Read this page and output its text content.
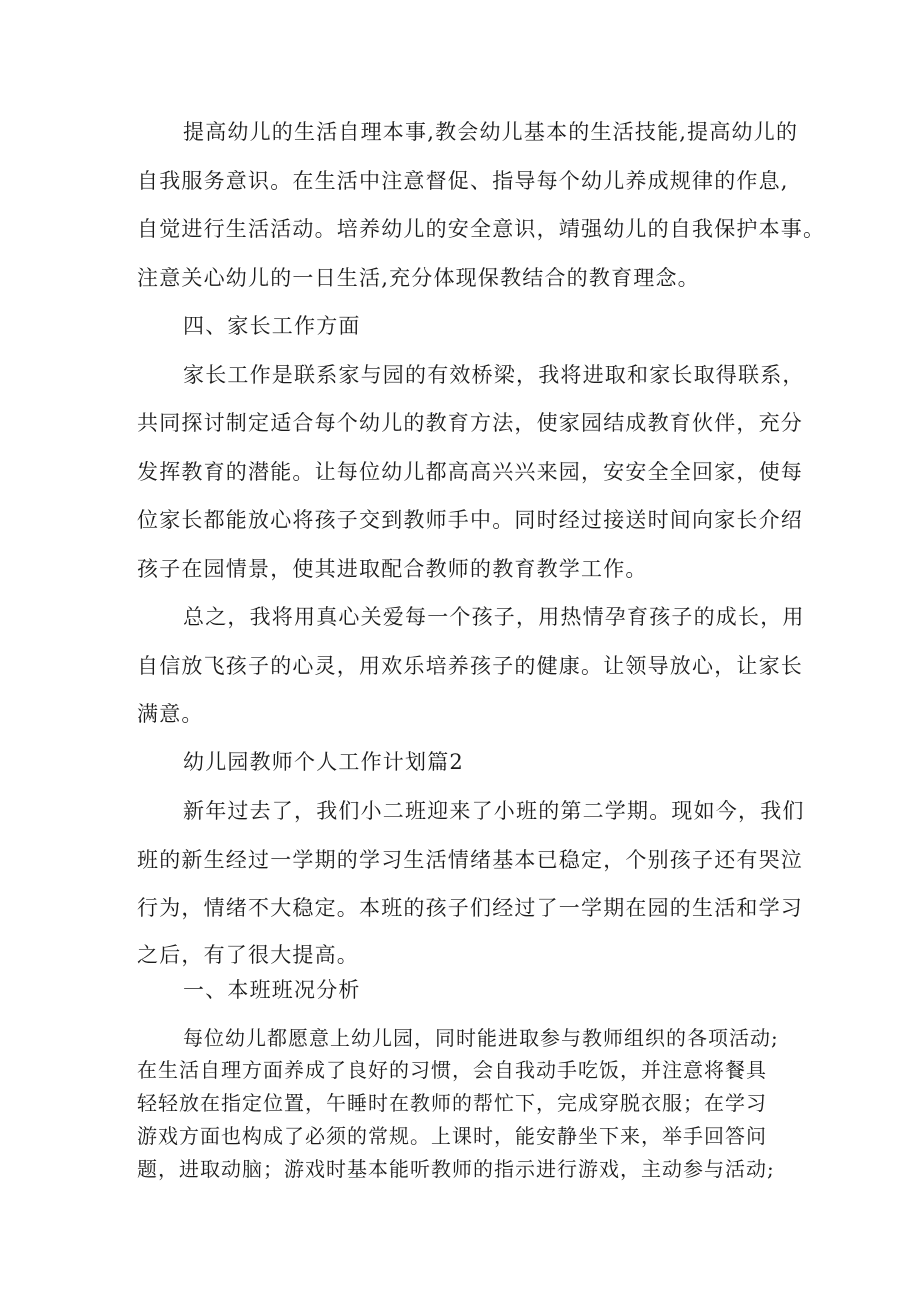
提高幼儿的生活自理本事,教会幼儿基本的生活技能,提高幼儿的
自我服务意识。在生活中注意督促、指导每个幼儿养成规律的作息,
自觉进行生活活动。培养幼儿的安全意识，靖强幼儿的自我保护本事。
注意关心幼儿的一日生活,充分体现保教结合的教育理念。
四、家长工作方面
家长工作是联系家与园的有效桥梁，我将进取和家长取得联系，
共同探讨制定适合每个幼儿的教育方法，使家园结成教育伙伴，充分
发挥教育的潜能。让每位幼儿都高高兴兴来园，安安全全回家，使每
位家长都能放心将孩子交到教师手中。同时经过接送时间向家长介绍
孩子在园情景，使其进取配合教师的教育教学工作。
总之，我将用真心关爱每一个孩子，用热情孕育孩子的成长，用
自信放飞孩子的心灵，用欢乐培养孩子的健康。让领导放心，让家长
满意。
幼儿园教师个人工作计划篇2
新年过去了，我们小二班迎来了小班的第二学期。现如今，我们
班的新生经过一学期的学习生活情绪基本已稳定，个别孩子还有哭泣
行为，情绪不大稳定。本班的孩子们经过了一学期在园的生活和学习
之后，有了很大提高。
一、本班班况分析
每位幼儿都愿意上幼儿园，同时能进取参与教师组织的各项活动;
在生活自理方面养成了良好的习惯，会自我动手吃饭，并注意将餐具
轻轻放在指定位置，午睡时在教师的帮忙下，完成穿脱衣服；在学习
游戏方面也构成了必须的常规。上课时，能安静坐下来，举手回答问
题，进取动脑；游戏时基本能听教师的指示进行游戏，主动参与活动;
